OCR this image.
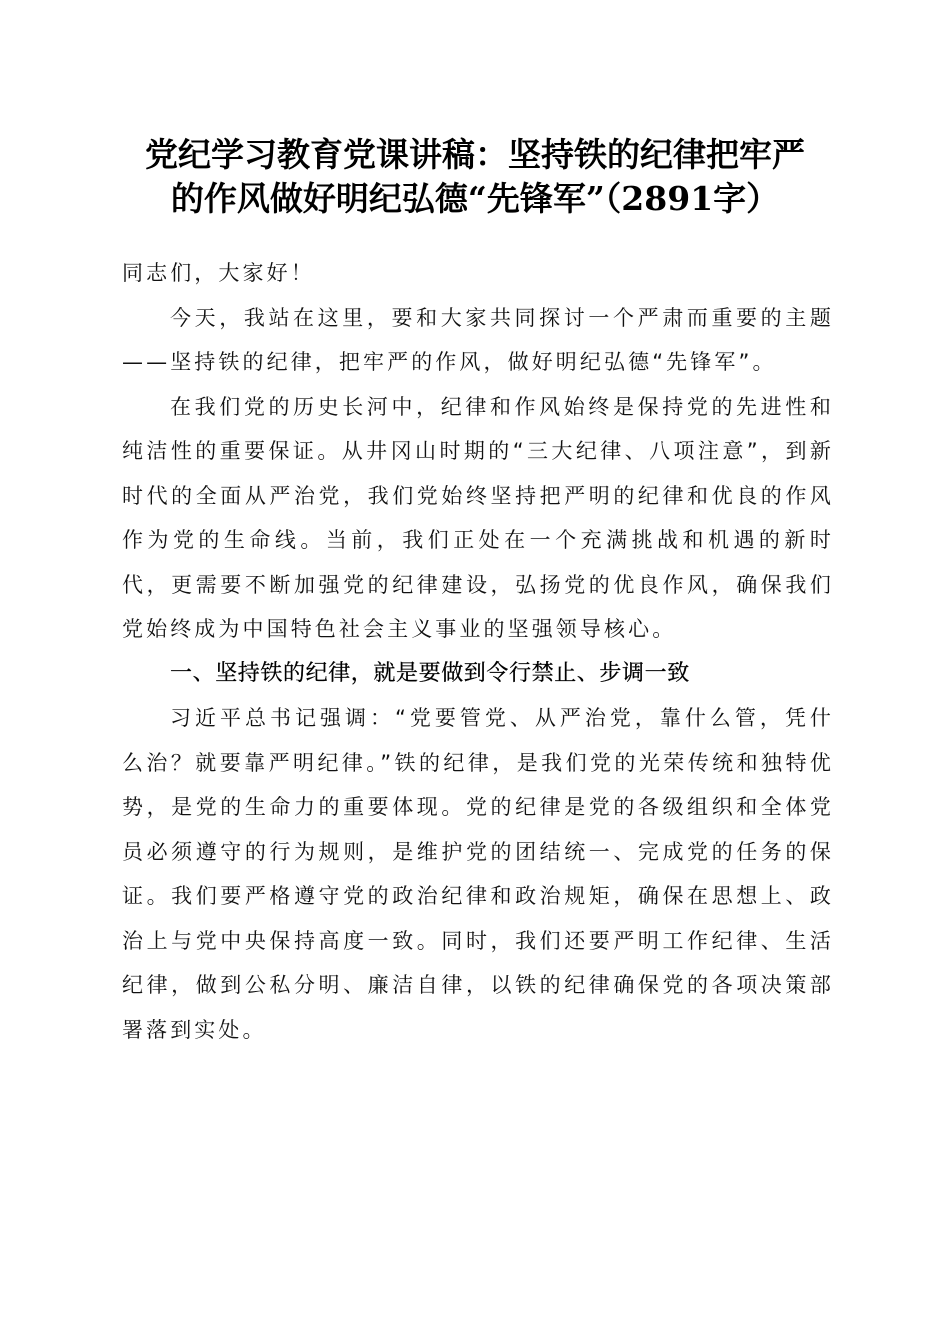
党纪学习教育党课讲稿：坚持铁的纪律把牢严
的作风做好明纪弘德“先锋军”（2891字）

同志们，大家好！

今天，我站在这里，要和大家共同探讨一个严肃而重要的主题——坚持铁的纪律，把牢严的作风，做好明纪弘德“先锋军”。

在我们党的历史长河中，纪律和作风始终是保持党的先进性和纯洁性的重要保证。从井冈山时期的“三大纪律、八项注意”，到新时代的全面从严治党，我们党始终坚持把严明的纪律和优良的作风作为党的生命线。当前，我们正处在一个充满挑战和机遇的新时代，更需要不断加强党的纪律建设，弘扬党的优良作风，确保我们党始终成为中国特色社会主义事业的坚强领导核心。

一、坚持铁的纪律，就是要做到令行禁止、步调一致

习近平总书记强调：“党要管党、从严治党，靠什么管，凭什么治？就要靠严明纪律。”铁的纪律，是我们党的光荣传统和独特优势，是党的生命力的重要体现。党的纪律是党的各级组织和全体党员必须遵守的行为规则，是维护党的团结统一、完成党的任务的保证。我们要严格遵守党的政治纪律和政治规矩，确保在思想上、政治上与党中央保持高度一致。同时，我们还要严明工作纪律、生活纪律，做到公私分明、廉洁自律，以铁的纪律确保党的各项决策部署落到实处。
